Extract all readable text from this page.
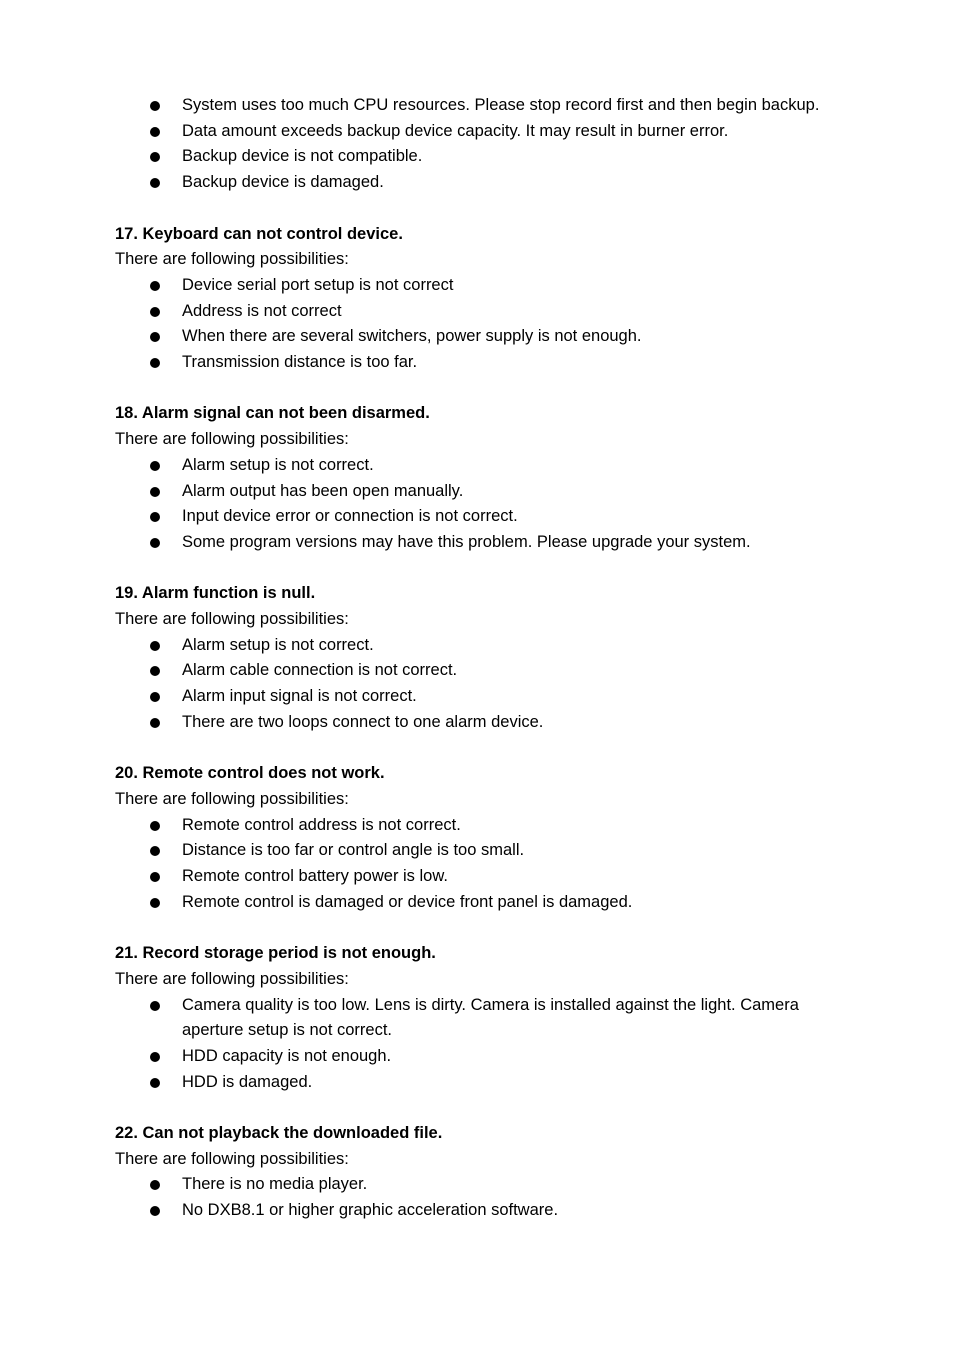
System uses too much CPU resources. Please stop record first and then begin backup.
Data amount exceeds backup device capacity. It may result in burner error.
Backup device is not compatible.
Backup device is damaged.
17. Keyboard can not control device.
There are following possibilities:
Device serial port setup is not correct
Address is not correct
When there are several switchers, power supply is not enough.
Transmission distance is too far.
18. Alarm signal can not been disarmed.
There are following possibilities:
Alarm setup is not correct.
Alarm output has been open manually.
Input device error or connection is not correct.
Some program versions may have this problem. Please upgrade your system.
19. Alarm function is null.
There are following possibilities:
Alarm setup is not correct.
Alarm cable connection is not correct.
Alarm input signal is not correct.
There are two loops connect to one alarm device.
20. Remote control does not work.
There are following possibilities:
Remote control address is not correct.
Distance is too far or control angle is too small.
Remote control battery power is low.
Remote control is damaged or device front panel is damaged.
21. Record storage period is not enough.
There are following possibilities:
Camera quality is too low. Lens is dirty. Camera is installed against the light. Camera aperture setup is not correct.
HDD capacity is not enough.
HDD is damaged.
22. Can not playback the downloaded file.
There are following possibilities:
There is no media player.
No DXB8.1 or higher graphic acceleration software.
